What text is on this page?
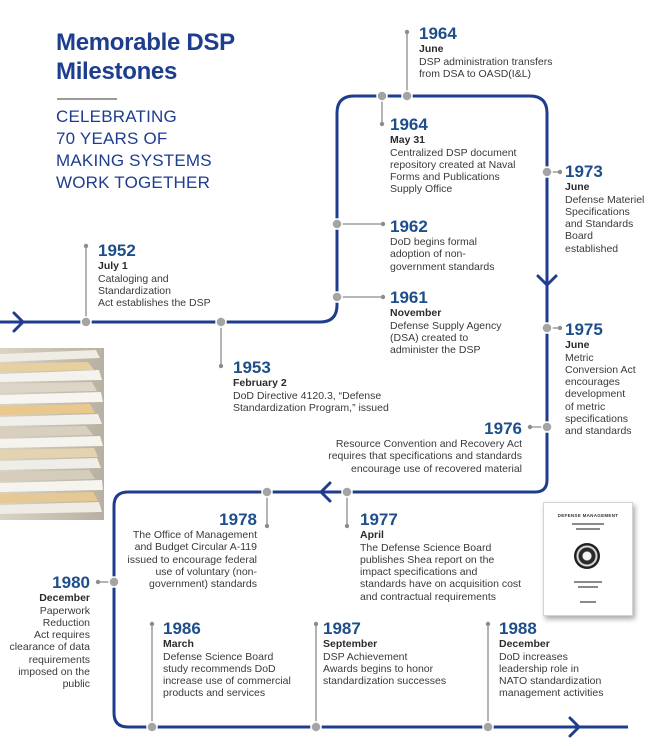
Memorable DSP
Milestones
CELEBRATING
70 YEARS OF
MAKING SYSTEMS
WORK TOGETHER
DEFENSE MANAGEMENT
1952
July 1
Cataloging and Standardization
Act establishes the DSP
1953
February 2
DoD Directive 4120.3, “Defense
Standardization Program,” issued
1961
November
Defense Supply Agency
(DSA) created to
administer the DSP
1962
DoD begins formal
adoption of non-
government standards
1964
May 31
Centralized DSP document
repository created at Naval
Forms and Publications
Supply Office
1964
June
DSP administration transfers
from DSA to OASD(I&L)
1973
June
Defense Materiel
Specifications
and Standards
Board
established
1975
June
Metric
Conversion Act
encourages
development
of metric
specifications
and standards
1976
Resource Convention and Recovery Act
requires that specifications and standards
encourage use of recovered material
1977
April
The Defense Science Board
publishes Shea report on the
impact specifications and
standards have on acquisition cost
and contractual requirements
1978
The Office of Management
and Budget Circular A-119
issued to encourage federal
use of voluntary (non-
government) standards
1980
December
Paperwork
Reduction
Act requires
clearance of data
requirements
imposed on the
public
1986
March
Defense Science Board
study recommends DoD
increase use of commercial
products and services
1987
September
DSP Achievement
Awards begins to honor
standardization successes
1988
December
DoD increases
leadership role in
NATO standardization
management activities
